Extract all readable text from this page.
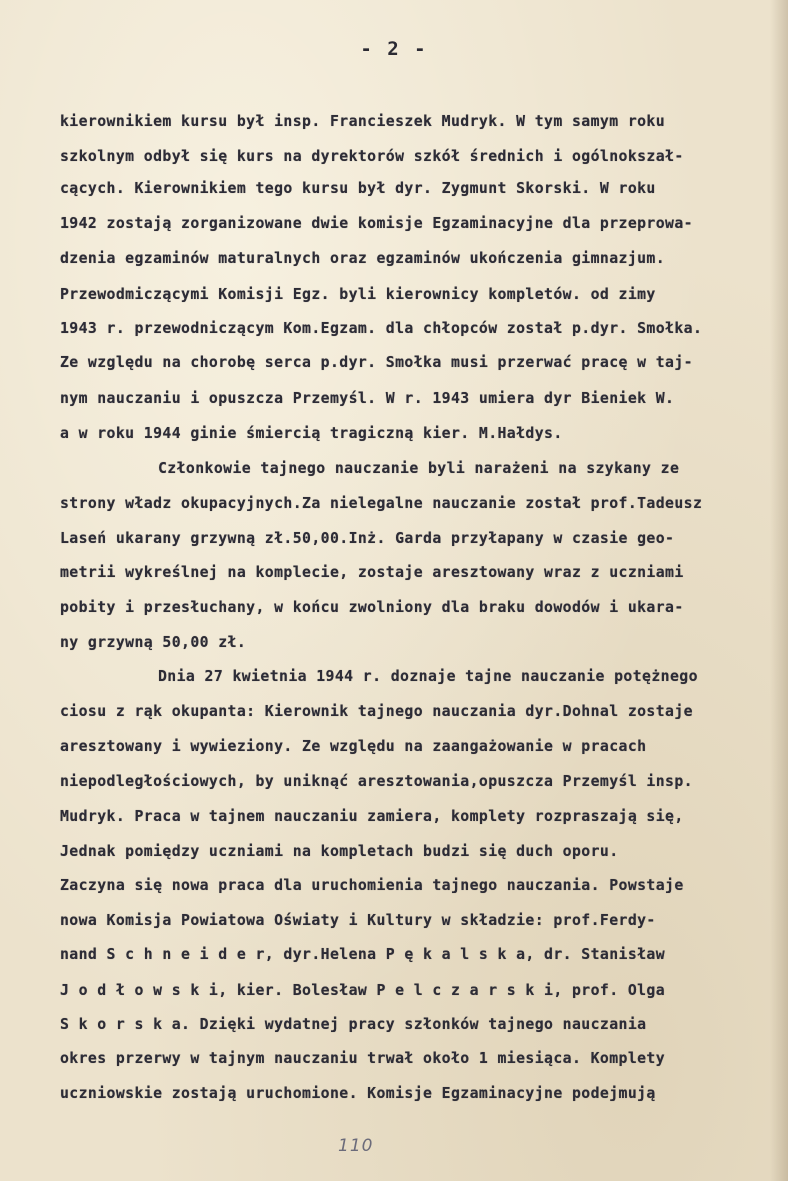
- 2 -
kierownikiem kursu był insp. Francieszek Mudryk. W tym samym roku
szkolnym odbył się kurs na dyrektorów szkół średnich i ogólnokszał-
cących. Kierownikiem tego kursu był dyr. Zygmunt Skorski. W roku
1942 zostają zorganizowane dwie komisje Egzaminacyjne dla przeprowa-
dzenia egzaminów maturalnych oraz egzaminów ukończenia gimnazjum.
Przewodmiczącymi Komisji Egz. byli kierownicy kompletów. od zimy
1943 r. przewodniczącym Kom.Egzam. dla chłopców został p.dyr. Smołka.
Ze względu na chorobę serca p.dyr. Smołka musi przerwać pracę w taj-
nym nauczaniu i opuszcza Przemyśl. W r. 1943 umiera dyr Bieniek W.
a w roku 1944 ginie śmiercią tragiczną kier. M.Hałdys.
Członkowie tajnego nauczanie byli narażeni na szykany ze
strony władz okupacyjnych.Za nielegalne nauczanie został prof.Tadeusz
Laseń ukarany grzywną zł.50,00.Inż. Garda przyłapany w czasie geo-
metrii wykreślnej na komplecie, zostaje aresztowany wraz z uczniami
pobity i przesłuchany, w końcu zwolniony dla braku dowodów i ukara-
ny grzywną 50,00 zł.
Dnia 27 kwietnia 1944 r. doznaje tajne nauczanie potężnego
ciosu z rąk okupanta: Kierownik tajnego nauczania dyr.Dohnal zostaje
aresztowany i wywieziony. Ze względu na zaangażowanie w pracach
niepodległościowych, by uniknąć aresztowania,opuszcza Przemyśl insp.
Mudryk. Praca w tajnem nauczaniu zamiera, komplety rozpraszają się,
Jednak pomiędzy uczniami na kompletach budzi się duch oporu.
Zaczyna się nowa praca dla uruchomienia tajnego nauczania. Powstaje
nowa Komisja Powiatowa Oświaty i Kultury w składzie: prof.Ferdy-
nand S c h n e i d e r, dyr.Helena P ę k a l s k a, dr. Stanisław
J o d ł o w s k i, kier. Bolesław P e l c z a r s k i, prof. Olga
S k o r s k a. Dzięki wydatnej pracy szłonków tajnego nauczania
okres przerwy w tajnym nauczaniu trwał około 1 miesiąca. Komplety
uczniowskie zostają uruchomione. Komisje Egzaminacyjne podejmują
110
